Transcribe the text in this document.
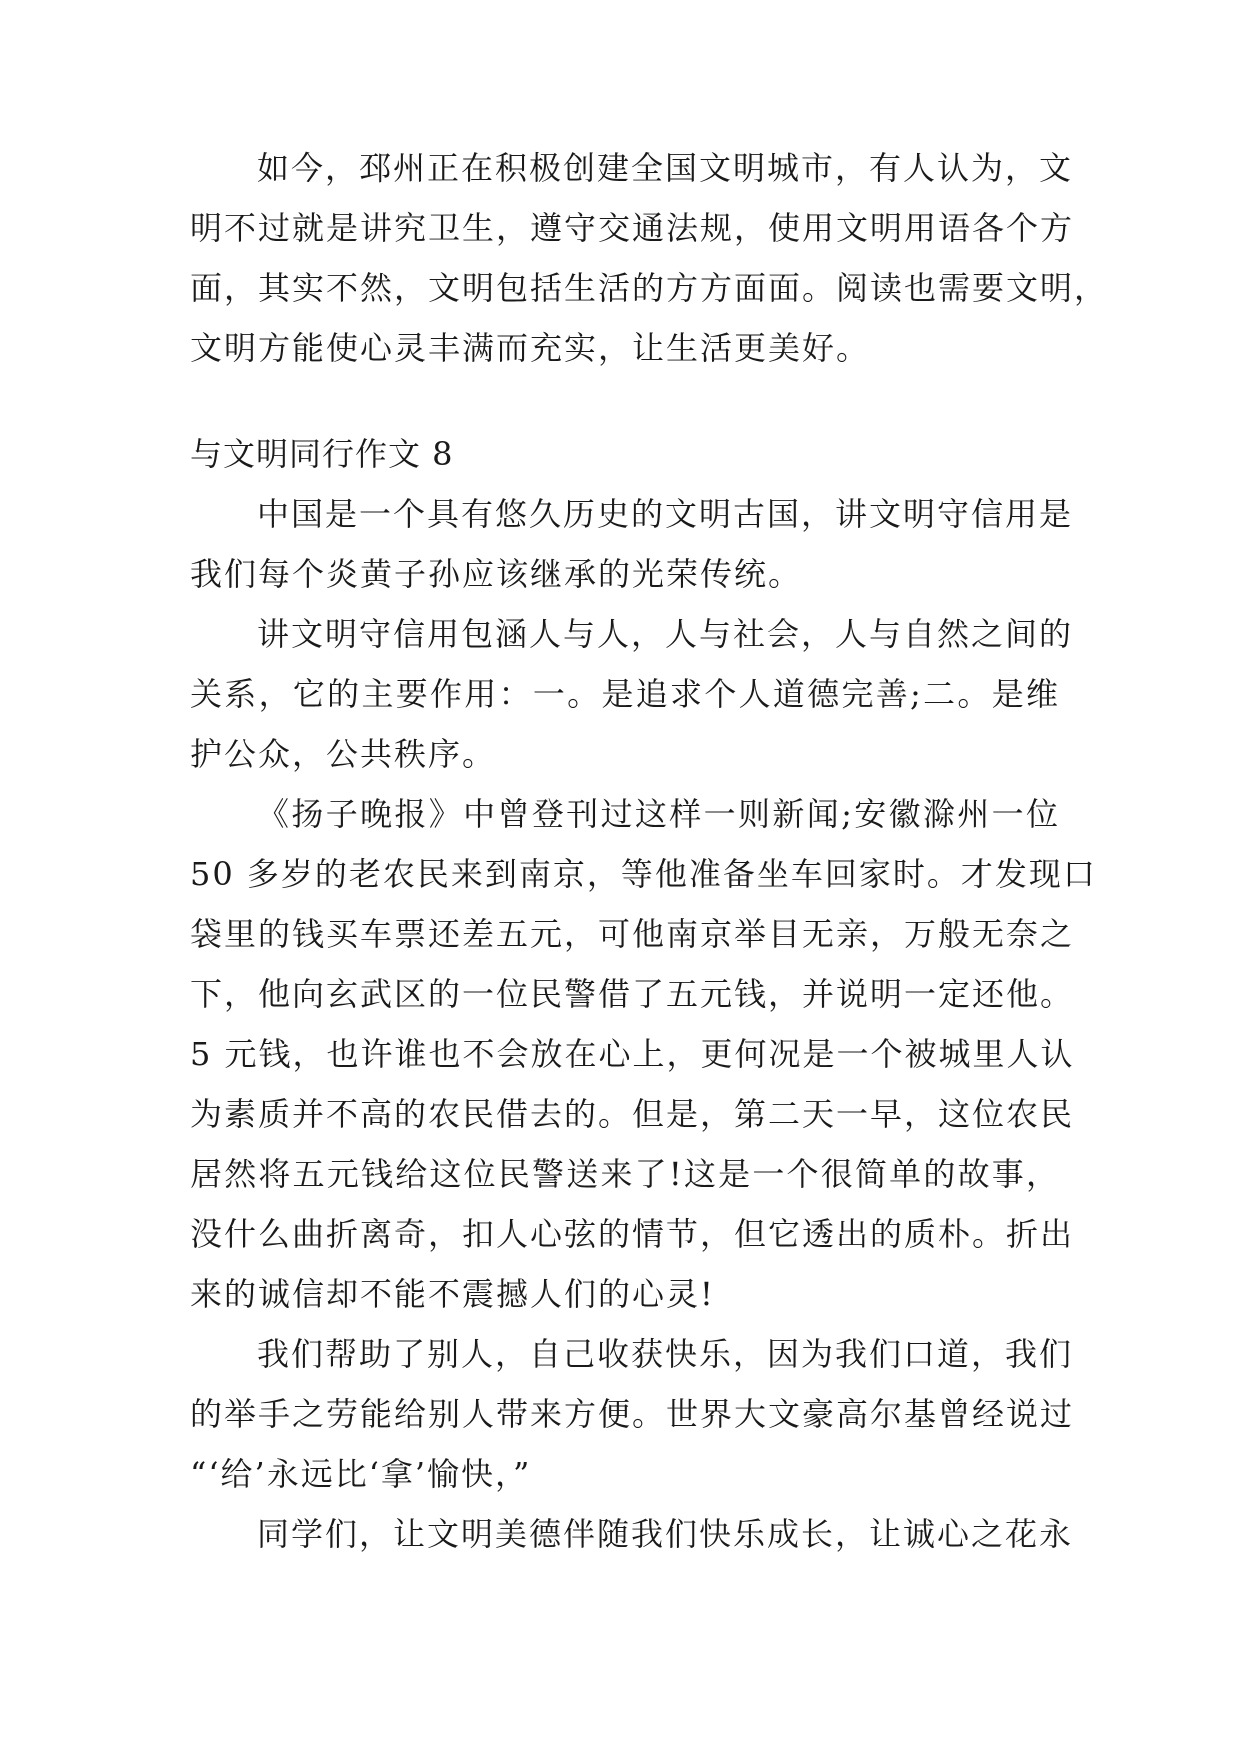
如今，邳州正在积极创建全国文明城市，有人认为，文
明不过就是讲究卫生，遵守交通法规，使用文明用语各个方
面，其实不然，文明包括生活的方方面面。阅读也需要文明，
文明方能使心灵丰满而充实，让生活更美好。
与文明同行作文 8
中国是一个具有悠久历史的文明古国，讲文明守信用是
我们每个炎黄子孙应该继承的光荣传统。
讲文明守信用包涵人与人，人与社会，人与自然之间的
关系，它的主要作用：一。是追求个人道德完善;二。是维
护公众，公共秩序。
《扬子晚报》中曾登刊过这样一则新闻;安徽滁州一位
50 多岁的老农民来到南京，等他准备坐车回家时。才发现口
袋里的钱买车票还差五元，可他南京举目无亲，万般无奈之
下，他向玄武区的一位民警借了五元钱，并说明一定还他。
5 元钱，也许谁也不会放在心上，更何况是一个被城里人认
为素质并不高的农民借去的。但是，第二天一早，这位农民
居然将五元钱给这位民警送来了!这是一个很简单的故事，
没什么曲折离奇，扣人心弦的情节，但它透出的质朴。折出
来的诚信却不能不震撼人们的心灵!
我们帮助了别人，自己收获快乐，因为我们口道，我们
的举手之劳能给别人带来方便。世界大文豪高尔基曾经说过
“‘给’永远比‘拿’愉快，”
同学们，让文明美德伴随我们快乐成长，让诚心之花永
